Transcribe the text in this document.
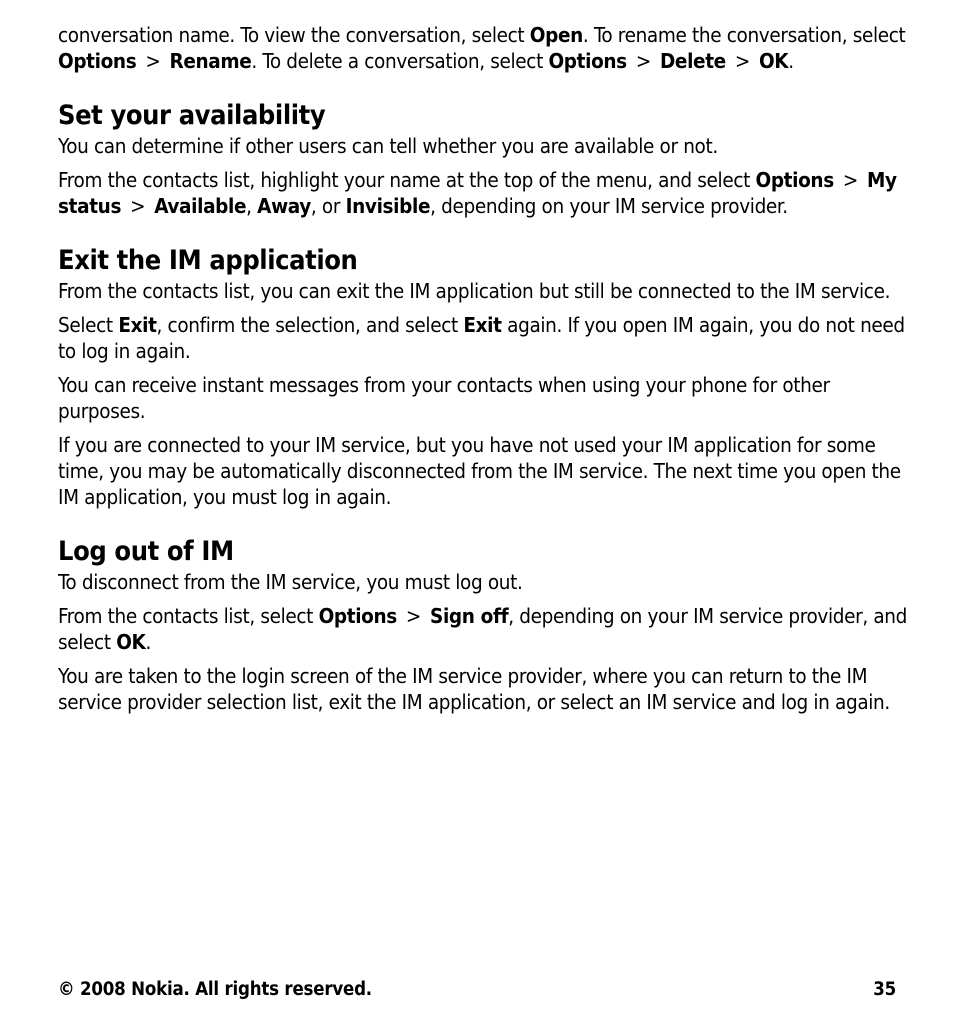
conversation name. To view the conversation, select Open. To rename the conversation, select Options > Rename. To delete a conversation, select Options > Delete > OK.

Set your availability

You can determine if other users can tell whether you are available or not.

From the contacts list, highlight your name at the top of the menu, and select Options > My status > Available, Away, or Invisible, depending on your IM service provider.

Exit the IM application

From the contacts list, you can exit the IM application but still be connected to the IM service.

Select Exit, confirm the selection, and select Exit again. If you open IM again, you do not need to log in again.

You can receive instant messages from your contacts when using your phone for other purposes.

If you are connected to your IM service, but you have not used your IM application for some time, you may be automatically disconnected from the IM service. The next time you open the IM application, you must log in again.

Log out of IM

To disconnect from the IM service, you must log out.

From the contacts list, select Options > Sign off, depending on your IM service provider, and select OK.

You are taken to the login screen of the IM service provider, where you can return to the IM service provider selection list, exit the IM application, or select an IM service and log in again.

© 2008 Nokia. All rights reserved.	35
